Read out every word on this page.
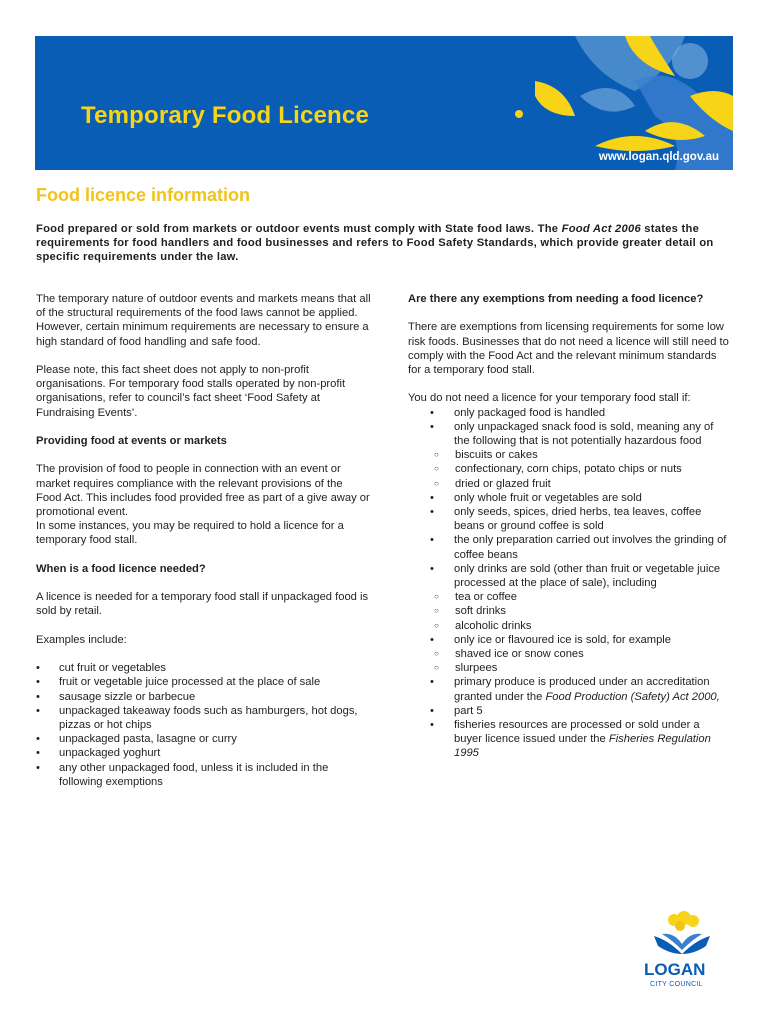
Temporary Food Licence
www.logan.qld.gov.au
Food licence information
Food prepared or sold from markets or outdoor events must comply with State food laws. The Food Act 2006 states the requirements for food handlers and food businesses and refers to Food Safety Standards, which provide greater detail on specific requirements under the law.

The temporary nature of outdoor events and markets means that all of the structural requirements of the food laws cannot be applied. However, certain minimum requirements are necessary to ensure a high standard of food handling and safe food.

Please note, this fact sheet does not apply to non-profit organisations. For temporary food stalls operated by non-profit organisations, refer to council’s fact sheet ‘Food Safety at Fundraising Events’.

Providing food at events or markets

The provision of food to people in connection with an event or market requires compliance with the relevant provisions of the Food Act. This includes food provided free as part of a give away or promotional event.

In some instances, you may be required to hold a licence for a temporary food stall.

When is a food licence needed?

A licence is needed for a temporary food stall if unpackaged food is sold by retail.

Examples include:

• cut fruit or vegetables
• fruit or vegetable juice processed at the place of sale
• sausage sizzle or barbecue
• unpackaged takeaway foods such as hamburgers, hot dogs, pizzas or hot chips
• unpackaged pasta, lasagne or curry
• unpackaged yoghurt
• any other unpackaged food, unless it is included in the following exemptions

Are there any exemptions from needing a food licence?

There are exemptions from licensing requirements for some low risk foods. Businesses that do not need a licence will still need to comply with the Food Act and the relevant minimum standards for a temporary food stall.

You do not need a licence for your temporary food stall if:

• only packaged food is handled
• only unpackaged snack food is sold, meaning any of the following that is not potentially hazardous food
○ biscuits or cakes
○ confectionary, corn chips, potato chips or nuts
○ dried or glazed fruit
• only whole fruit or vegetables are sold
• only seeds, spices, dried herbs, tea leaves, coffee beans or ground coffee is sold
• the only preparation carried out involves the grinding of coffee beans
• only drinks are sold (other than fruit or vegetable juice processed at the place of sale), including
○ tea or coffee
○ soft drinks
○ alcoholic drinks
• only ice or flavoured ice is sold, for example
○ shaved ice or snow cones
○ slurpees
• primary produce is produced under an accreditation granted under the Food Production (Safety) Act 2000,
• part 5
• fisheries resources are processed or sold under a buyer licence issued under the Fisheries Regulation 1995
LOGAN
CITY COUNCIL
